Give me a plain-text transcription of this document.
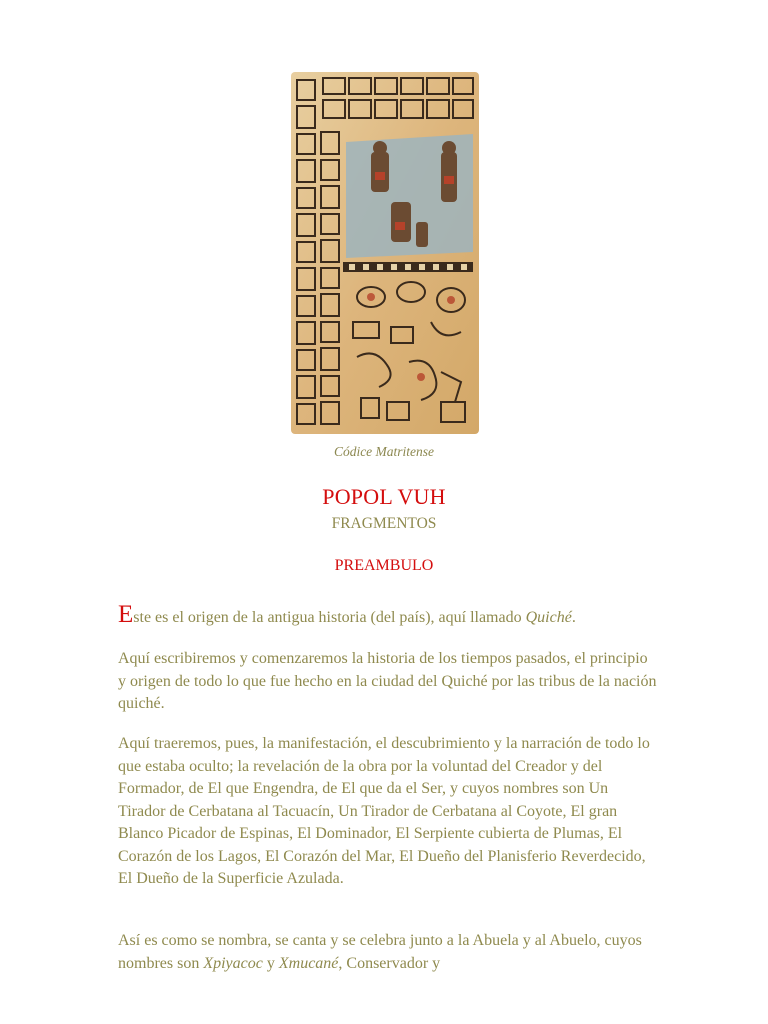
Códice Matritense
POPOL VUH
FRAGMENTOS
PREAMBULO

Este es el origen de la antigua historia (del país), aquí llamado Quiché.

Aquí escribiremos y comenzaremos la historia de los tiempos pasados, el principio y origen de todo lo que fue hecho en la ciudad del Quiché por las tribus de la nación quiché.

Aquí traeremos, pues, la manifestación, el descubrimiento y la narración de todo lo que estaba oculto; la revelación de la obra por la voluntad del Creador y del Formador, de El que Engendra, de El que da el Ser, y cuyos nombres son Un Tirador de Cerbatana al Tacuacín, Un Tirador de Cerbatana al Coyote, El gran Blanco Picador de Espinas, El Dominador, El Serpiente cubierta de Plumas, El Corazón de los Lagos, El Corazón del Mar, El Dueño del Planisferio Reverdecido, El Dueño de la Superficie Azulada.

Así es como se nombra, se canta y se celebra junto a la Abuela y al Abuelo, cuyos nombres son Xpiyacoc y Xmucané, Conservador y
